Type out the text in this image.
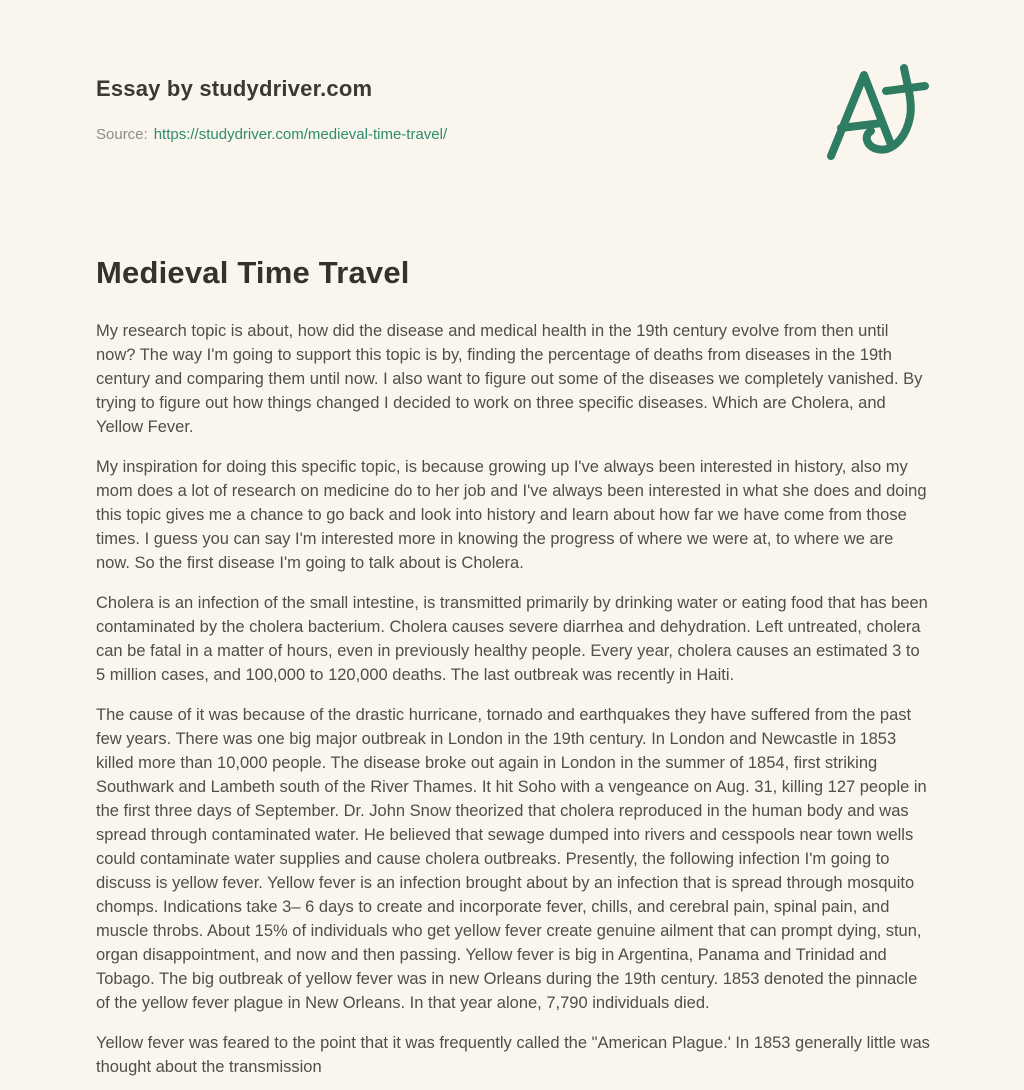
Essay by studydriver.com
Source: https://studydriver.com/medieval-time-travel/
Medieval Time Travel

My research topic is about, how did the disease and medical health in the 19th century evolve from then until now? The way I'm going to support this topic is by, finding the percentage of deaths from diseases in the 19th century and comparing them until now. I also want to figure out some of the diseases we completely vanished. By trying to figure out how things changed I decided to work on three specific diseases. Which are Cholera, and Yellow Fever.

My inspiration for doing this specific topic, is because growing up I've always been interested in history, also my mom does a lot of research on medicine do to her job and I've always been interested in what she does and doing this topic gives me a chance to go back and look into history and learn about how far we have come from those times. I guess you can say I'm interested more in knowing the progress of where we were at, to where we are now. So the first disease I'm going to talk about is Cholera.

Cholera is an infection of the small intestine, is transmitted primarily by drinking water or eating food that has been contaminated by the cholera bacterium. Cholera causes severe diarrhea and dehydration. Left untreated, cholera can be fatal in a matter of hours, even in previously healthy people. Every year, cholera causes an estimated 3 to 5 million cases, and 100,000 to 120,000 deaths. The last outbreak was recently in Haiti.

The cause of it was because of the drastic hurricane, tornado and earthquakes they have suffered from the past few years. There was one big major outbreak in London in the 19th century. In London and Newcastle in 1853 killed more than 10,000 people. The disease broke out again in London in the summer of 1854, first striking Southwark and Lambeth south of the River Thames. It hit Soho with a vengeance on Aug. 31, killing 127 people in the first three days of September. Dr. John Snow theorized that cholera reproduced in the human body and was spread through contaminated water. He believed that sewage dumped into rivers and cesspools near town wells could contaminate water supplies and cause cholera outbreaks. Presently, the following infection I'm going to discuss is yellow fever. Yellow fever is an infection brought about by an infection that is spread through mosquito chomps. Indications take 3– 6 days to create and incorporate fever, chills, and cerebral pain, spinal pain, and muscle throbs. About 15% of individuals who get yellow fever create genuine ailment that can prompt dying, stun, organ disappointment, and now and then passing. Yellow fever is big in Argentina, Panama and Trinidad and Tobago. The big outbreak of yellow fever was in new Orleans during the 19th century. 1853 denoted the pinnacle of the yellow fever plague in New Orleans. In that year alone, 7,790 individuals died.

Yellow fever was feared to the point that it was frequently called the "American Plague.' In 1853 generally little was thought about the transmission
